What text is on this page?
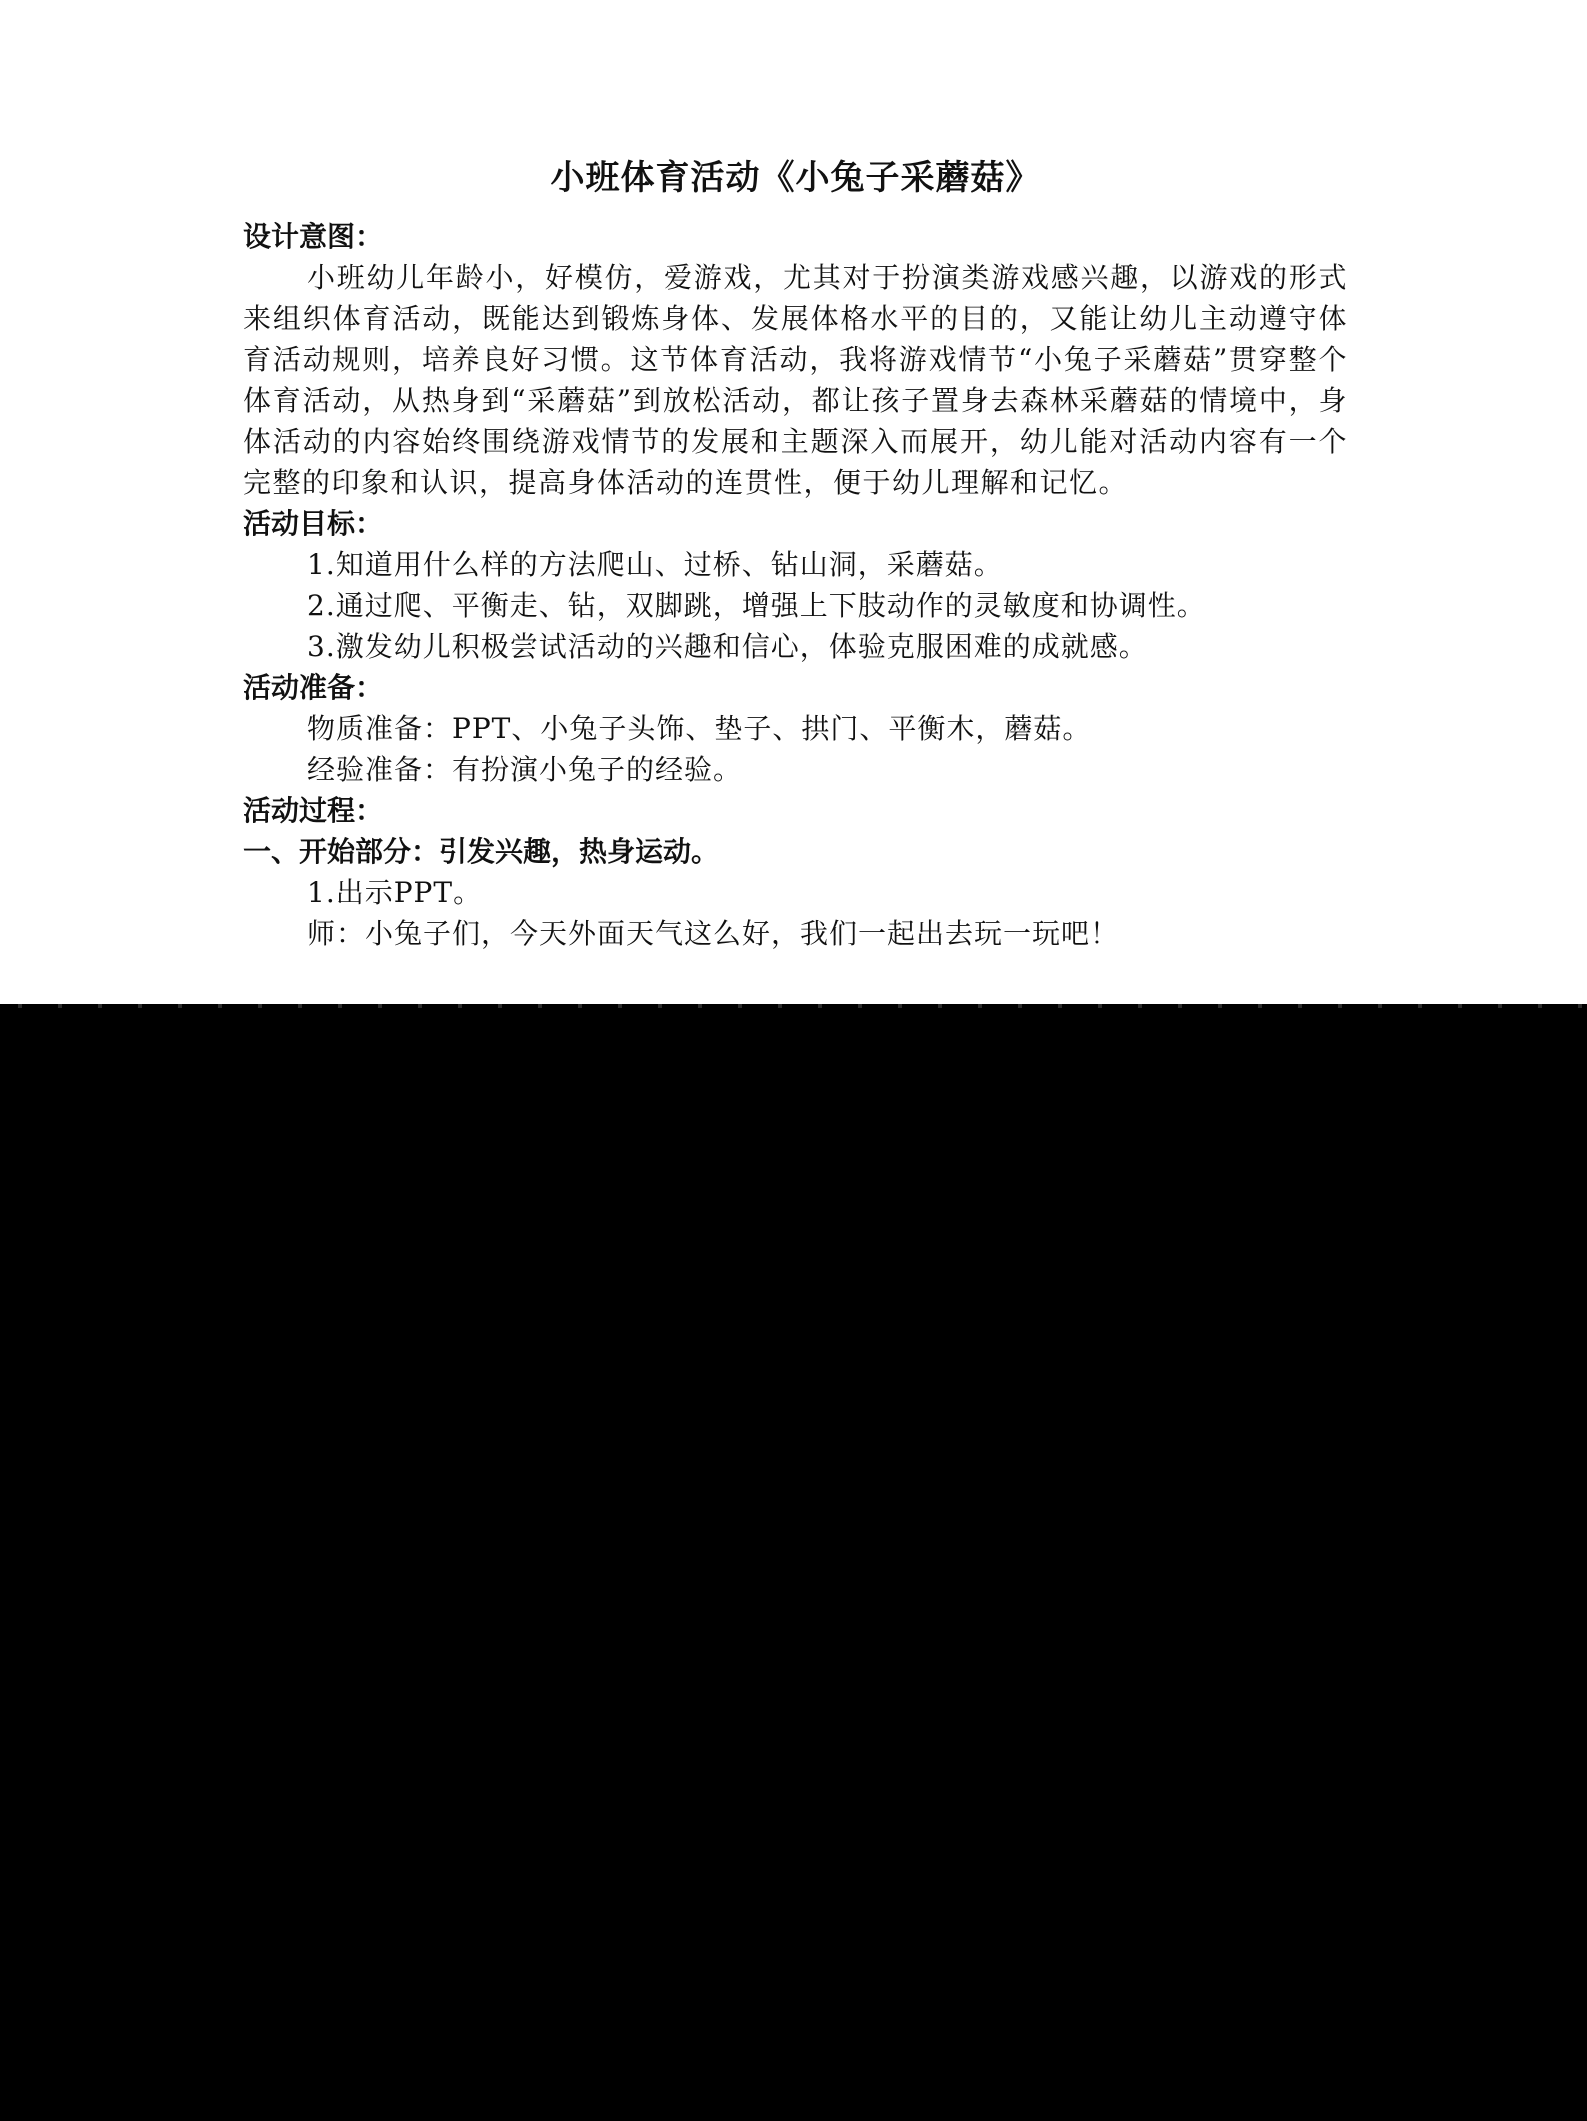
小班体育活动《小兔子采蘑菇》
设计意图：

小班幼儿年龄小，好模仿，爱游戏，尤其对于扮演类游戏感兴趣，以游戏的形式来组织体育活动，既能达到锻炼身体、发展体格水平的目的，又能让幼儿主动遵守体育活动规则，培养良好习惯。这节体育活动，我将游戏情节“小兔子采蘑菇”贯穿整个体育活动，从热身到“采蘑菇”到放松活动，都让孩子置身去森林采蘑菇的情境中，身体活动的内容始终围绕游戏情节的发展和主题深入而展开，幼儿能对活动内容有一个完整的印象和认识，提高身体活动的连贯性，便于幼儿理解和记忆。

活动目标：
1.知道用什么样的方法爬山、过桥、钻山洞，采蘑菇。
2.通过爬、平衡走、钻，双脚跳，增强上下肢动作的灵敏度和协调性。
3.激发幼儿积极尝试活动的兴趣和信心，体验克服困难的成就感。
活动准备：
物质准备：PPT、小兔子头饰、垫子、拱门、平衡木，蘑菇。
经验准备：有扮演小兔子的经验。
活动过程：
一、开始部分：引发兴趣，热身运动。
1.出示PPT。
师：小兔子们，今天外面天气这么好，我们一起出去玩一玩吧！
